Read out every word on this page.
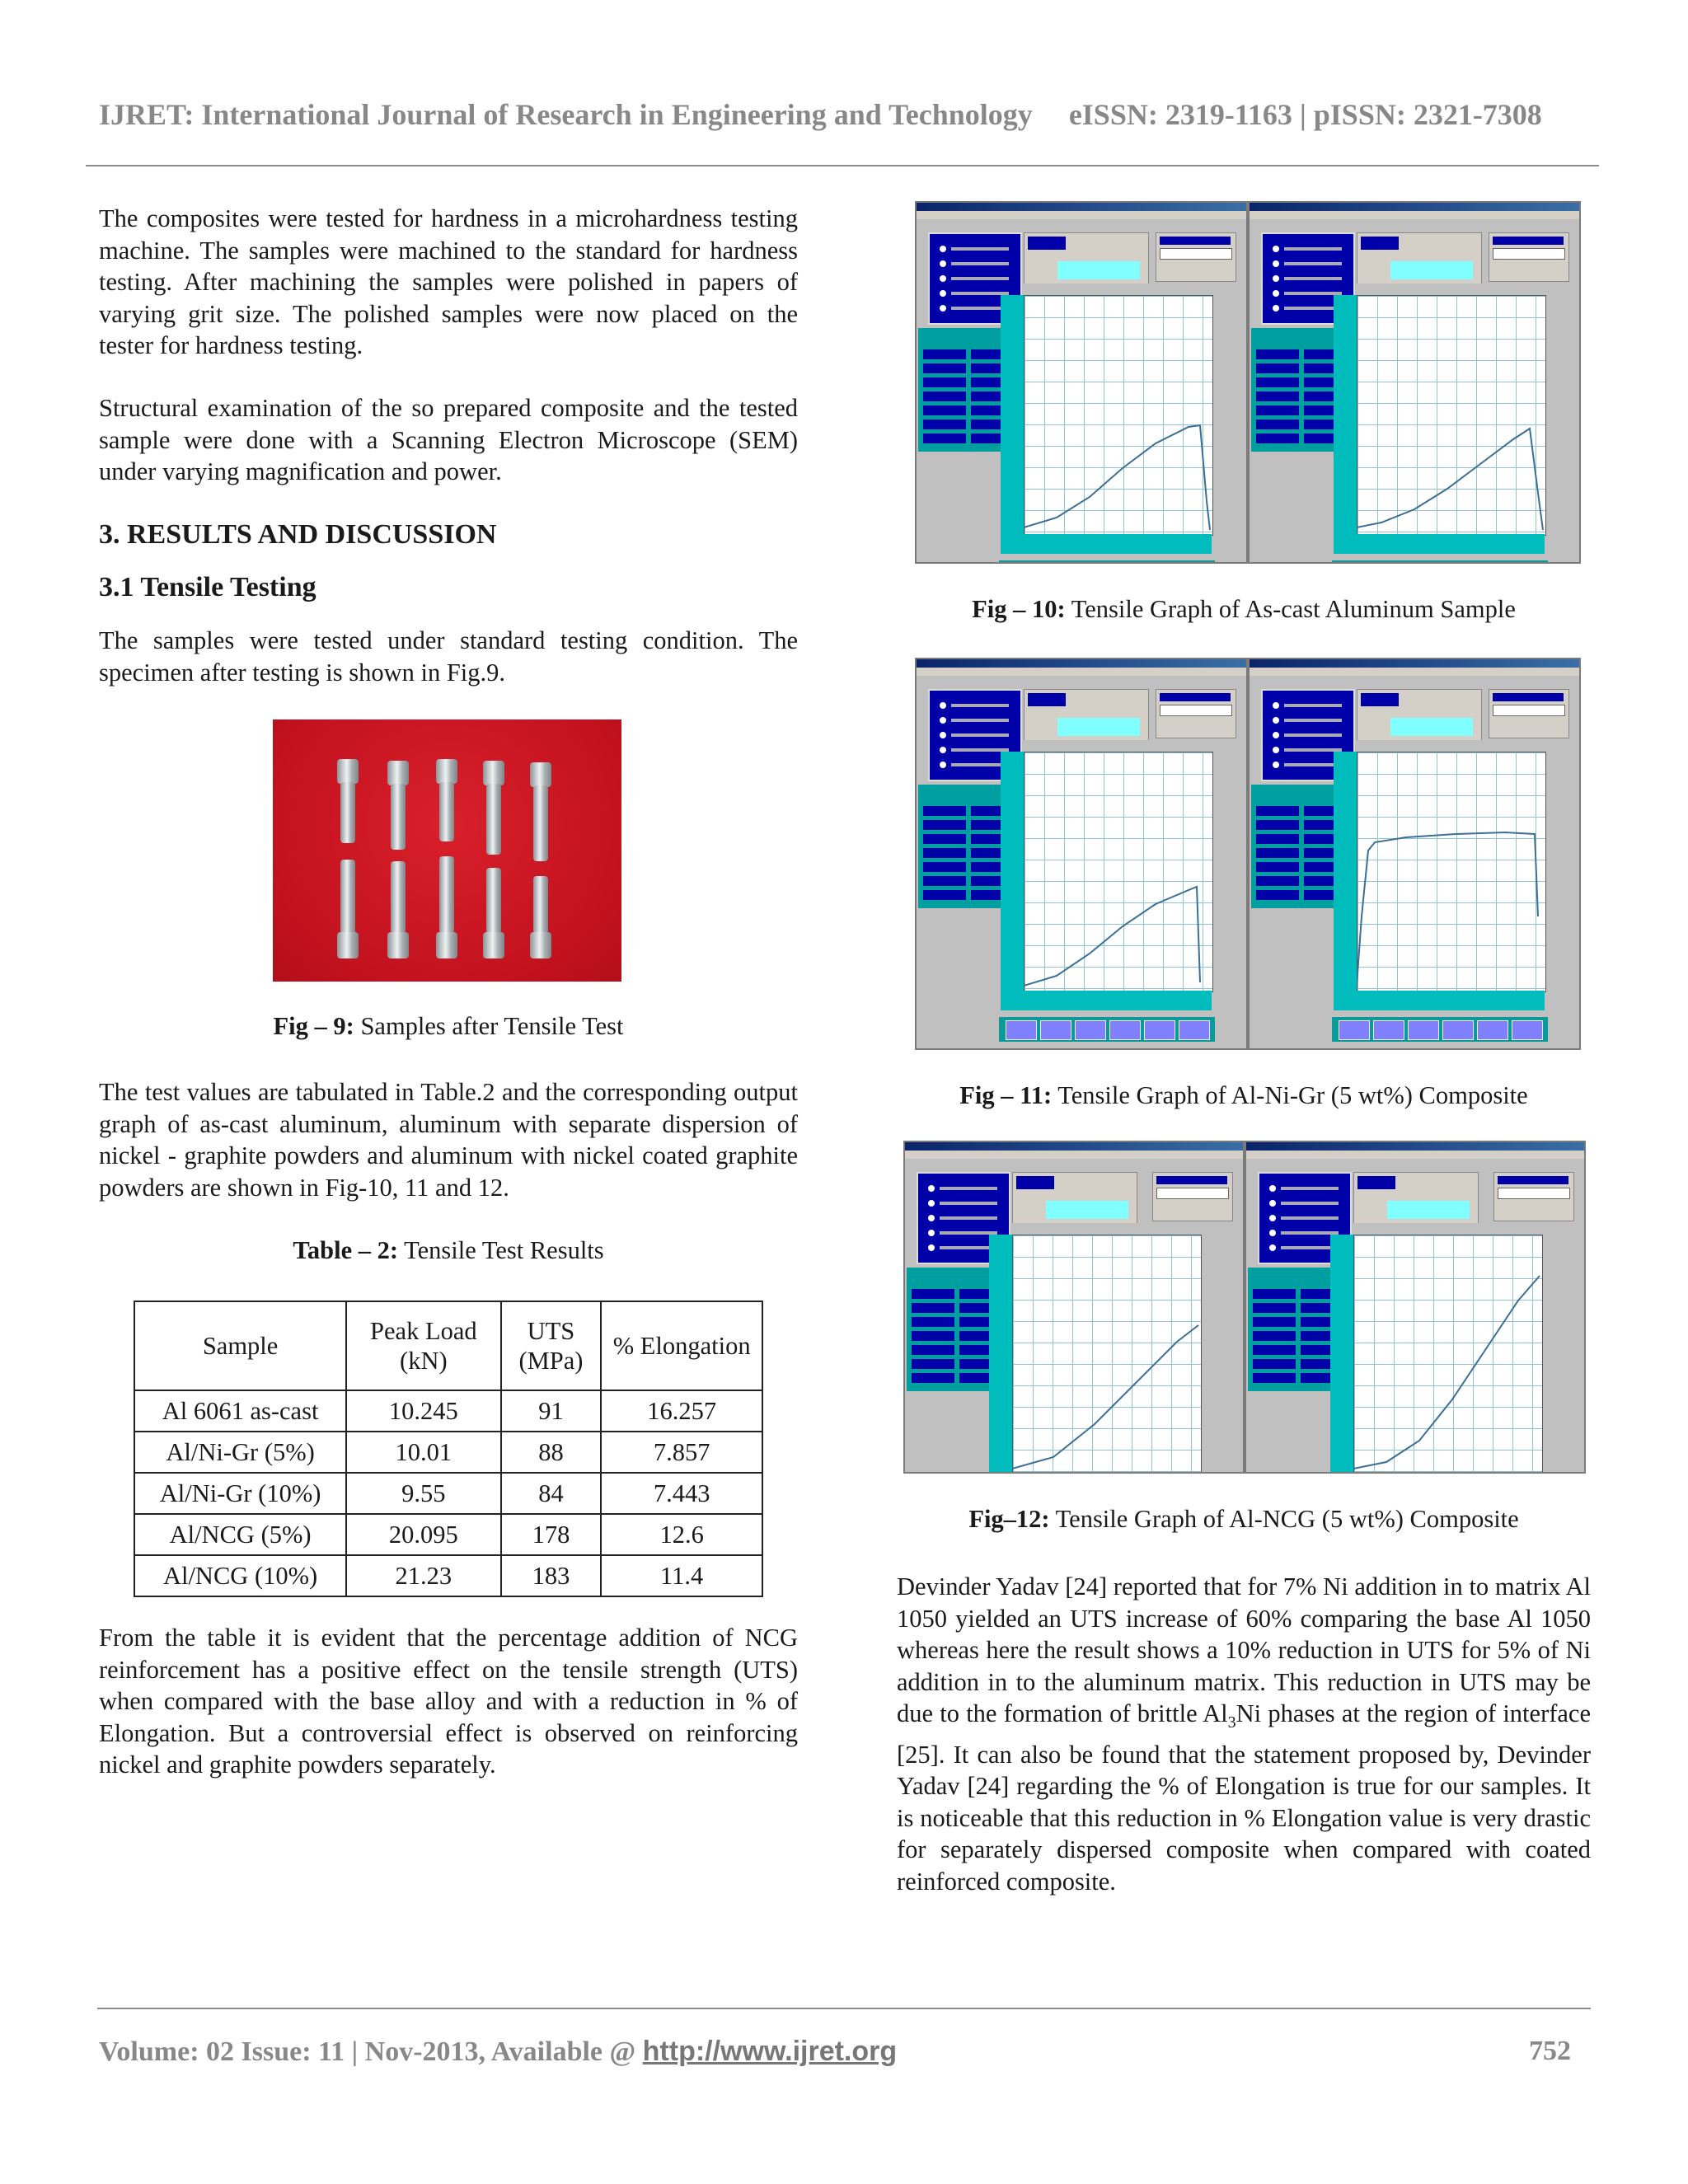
IJRET: International Journal of Research in Engineering and Technology eISSN: 2319-1163 | pISSN: 2321-7308
The composites were tested for hardness in a microhardness testing machine. The samples were machined to the standard for hardness testing. After machining the samples were polished in papers of varying grit size. The polished samples were now placed on the tester for hardness testing.
Structural examination of the so prepared composite and the tested sample were done with a Scanning Electron Microscope (SEM) under varying magnification and power.
3. RESULTS AND DISCUSSION
3.1 Tensile Testing
The samples were tested under standard testing condition. The specimen after testing is shown in Fig.9.
Fig – 9: Samples after Tensile Test
The test values are tabulated in Table.2 and the corresponding output graph of as-cast aluminum, aluminum with separate dispersion of nickel - graphite powders and aluminum with nickel coated graphite powders are shown in Fig-10, 11 and 12.
Table – 2: Tensile Test Results
Sample	Peak Load (kN)	UTS (MPa)	% Elongation
Al 6061 as-cast	10.245	91	16.257
Al/Ni-Gr (5%)	10.01	88	7.857
Al/Ni-Gr (10%)	9.55	84	7.443
Al/NCG (5%)	20.095	178	12.6
Al/NCG (10%)	21.23	183	11.4
From the table it is evident that the percentage addition of NCG reinforcement has a positive effect on the tensile strength (UTS) when compared with the base alloy and with a reduction in % of Elongation. But a controversial effect is observed on reinforcing nickel and graphite powders separately.
Fig – 10: Tensile Graph of As-cast Aluminum Sample
Fig – 11: Tensile Graph of Al-Ni-Gr (5 wt%) Composite
Fig–12: Tensile Graph of Al-NCG (5 wt%) Composite
Devinder Yadav [24] reported that for 7% Ni addition in to matrix Al 1050 yielded an UTS increase of 60% comparing the base Al 1050 whereas here the result shows a 10% reduction in UTS for 5% of Ni addition in to the aluminum matrix. This reduction in UTS may be due to the formation of brittle $Al_3Ni$ phases at the region of interface [25]. It can also be found that the statement proposed by, Devinder Yadav [24] regarding the % of Elongation is true for our samples. It is noticeable that this reduction in % Elongation value is very drastic for separately dispersed composite when compared with coated reinforced composite.
Volume: 02 Issue: 11 | Nov-2013, Available @ http://www.ijret.org	752
